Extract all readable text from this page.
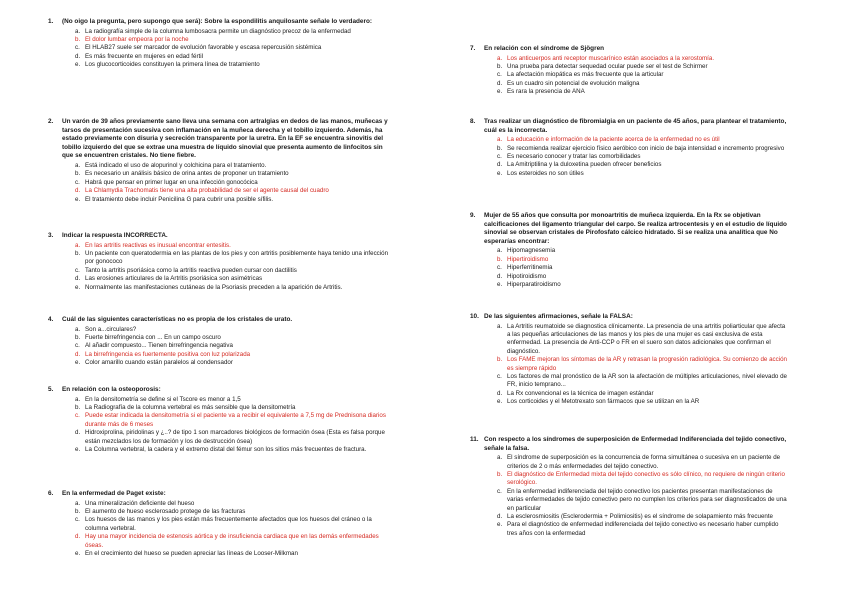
1. (No oigo la pregunta, pero supongo que será): Sobre la espondilitis anquilosante señale lo verdadero:
a. La radiografía simple de la columna lumbosacra permite un diagnóstico precoz de la enfermedad
b. El dolor lumbar empeora por la noche
c. El HLAB27 suele ser marcador de evolución favorable y escasa repercusión sistémica
d. Es más frecuente en mujeres en edad fértil
e. Los glucocorticoides constituyen la primera línea de tratamiento
2. Un varón de 39 años previamente sano lleva una semana con artralgias en dedos de las manos, muñecas y tarsos de presentación sucesiva con inflamación en la muñeca derecha y el tobillo izquierdo. Además, ha estado previamente con disuria y secreción transparente por la uretra. En la EF se encuentra sinovitis del tobillo izquierdo del que se extrae una muestra de líquido sinovial que presenta aumento de linfocitos sin que se encuentren cristales. No tiene fiebre.
a. Está indicado el uso de alopurinol y colchicina para el tratamiento.
b. Es necesario un análisis básico de orina antes de proponer un tratamiento
c. Habrá que pensar en primer lugar en una infección gonocócica
d. La Chlamydia Trachomatis tiene una alta probabilidad de ser el agente causal del cuadro
e. El tratamiento debe incluir Penicilina G para cubrir una posible sífilis.
3. Indicar la respuesta INCORRECTA.
a. En las artritis reactivas es inusual encontrar entesitis.
b. Un paciente con queratodermia en las plantas de los pies y con artritis posiblemente haya tenido una infección por gonococo
c. Tanto la artritis psoriásica como la artritis reactiva pueden cursar con dactilitis
d. Las erosiones articulares de la Artritis psoriásica son asimétricas
e. Normalmente las manifestaciones cutáneas de la Psoriasis preceden a la aparición de Artritis.
4. Cuál de las siguientes características no es propia de los cristales de urato.
a. Son a...circulares?
b. Fuerte birrefringencia con ... En un campo oscuro
c. Al añadir compuesto... Tienen birrefringencia negativa
d. La birrefringencia es fuertemente positiva con luz polarizada
e. Color amarillo cuando están paralelos al condensador
5. En relación con la osteoporosis:
a. En la densitometría se define si el Tscore es menor a 1,5
b. La Radiografía de la columna vertebral es más sensible que la densitometría
c. Puede estar indicada la densitometría si el paciente va a recibir el equivalente a 7,5 mg de Prednisona diarios durante más de 6 meses
d. Hidroxiprolina, piridolinas y ¿..? de tipo 1 son marcadores biológicos de formación ósea (Esta es falsa porque están mezclados los de formación y los de destrucción ósea)
e. La Columna vertebral, la cadera y el extremo distal del fémur son los sitios más frecuentes de fractura.
6. En la enfermedad de Paget existe:
a. Una mineralización deficiente del hueso
b. El aumento de hueso esclerosado protege de las fracturas
c. Los huesos de las manos y los pies están más frecuentemente afectados que los huesos del cráneo o la columna vertebral.
d. Hay una mayor incidencia de estenosis aórtica y de insuficiencia cardiaca que en las demás enfermedades óseas.
e. En el crecimiento del hueso se pueden apreciar las líneas de Looser-Milkman
7. En relación con el síndrome de Sjögren
a. Los anticuerpos anti receptor muscarínico están asociados a la xerostomía.
b. Una prueba para detectar sequedad ocular puede ser el test de Schirmer
c. La afectación miopática es más frecuente que la articular
d. Es un cuadro sin potencial de evolución maligna
e. Es rara la presencia de ANA
8. Tras realizar un diagnóstico de fibromialgia en un paciente de 45 años, para plantear el tratamiento, cuál es la incorrecta.
a. La educación e información de la paciente acerca de la enfermedad no es útil
b. Se recomienda realizar ejercicio físico aeróbico con inicio de baja intensidad e incremento progresivo
c. Es necesario conocer y tratar las comorbilidades
d. La Amitriptilina y la duloxetina pueden ofrecer beneficios
e. Los esteroides no son útiles
9. Mujer de 55 años que consulta por monoartritis de muñeca izquierda. En la Rx se objetivan calcificaciones del ligamento triangular del carpo. Se realiza artrocentesis y en el estudio de líquido sinovial se observan cristales de Pirofosfato cálcico hidratado. Si se realiza una analítica que No esperarías encontrar:
a. Hipomagnesemia
b. Hipertiroidismo
c. Hiperferritinemia
d. Hipotiroidismo
e. Hiperparatiroidismo
10. De las siguientes afirmaciones, señale la FALSA:
a. La Artritis reumatoide se diagnostica clínicamente. La presencia de una artritis poliarticular que afecta a las pequeñas articulaciones de las manos y los pies de una mujer es casi exclusiva de esta enfermedad. La presencia de Anti-CCP o FR en el suero son datos adicionales que confirman el diagnóstico.
b. Los FAME mejoran los síntomas de la AR y retrasan la progresión radiológica. Su comienzo de acción es siempre rápido
c. Los factores de mal pronóstico de la AR son la afectación de múltiples articulaciones, nivel elevado de FR, inicio temprano...
d. La Rx convencional es la técnica de imagen estándar
e. Los corticoides y el Metotrexato son fármacos que se utilizan en la AR
11. Con respecto a los síndromes de superposición de Enfermedad Indiferenciada del tejido conectivo, señale la falsa.
a. El síndrome de superposición es la concurrencia de forma simultánea o sucesiva en un paciente de criterios de 2 o más enfermedades del tejido conectivo.
b. El diagnóstico de Enfermedad mixta del tejido conectivo es sólo clínico, no requiere de ningún criterio serológico.
c. En la enfermedad indiferenciada del tejido conectivo los pacientes presentan manifestaciones de varias enfermedades de tejido conectivo pero no cumplen los criterios para ser diagnosticados de una en particular
d. La esclerosmiositis (Esclerodermia + Polimiositis) es el síndrome de solapamiento más frecuente
e. Para el diagnóstico de enfermedad indiferenciada del tejido conectivo es necesario haber cumplido tres años con la enfermedad
